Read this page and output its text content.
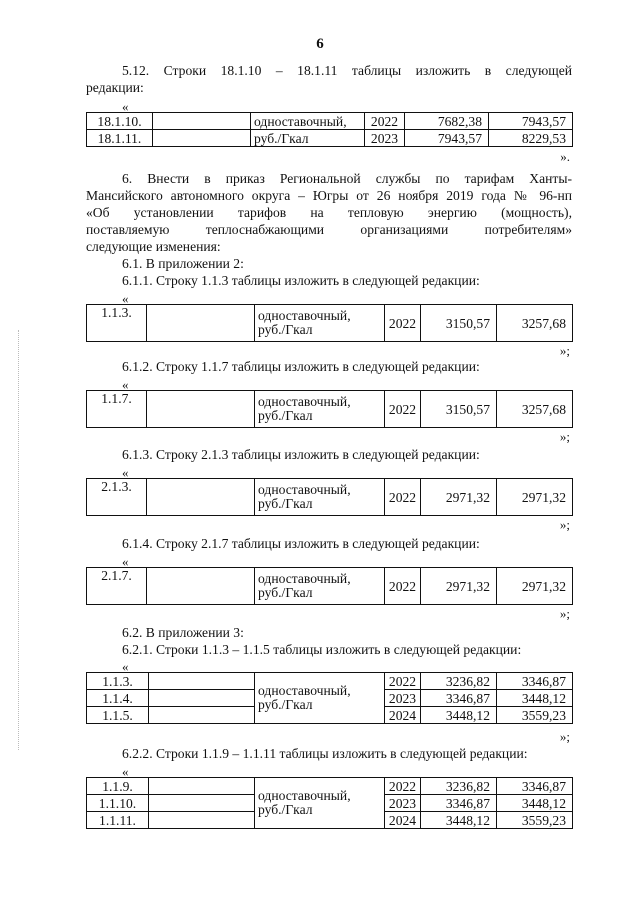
6
5.12. Строки 18.1.10 – 18.1.11 таблицы изложить в следующей
редакции:
«
18.1.10.		одноставочный,	2022	7682,38	7943,57
18.1.11.		руб./Гкал	2023	7943,57	8229,53
».
6. Внести в приказ Региональной службы по тарифам Ханты-
Мансийского автономного округа – Югры от 26 ноября 2019 года № 96-нп
«Об установлении тарифов на тепловую энергию (мощность),
поставляемую теплоснабжающими организациями потребителям»
следующие изменения:
6.1. В приложении 2:
6.1.1. Строку 1.1.3 таблицы изложить в следующей редакции:
«
1.1.3.		одноставочный, руб./Гкал	2022	3150,57	3257,68
»;
6.1.2. Строку 1.1.7 таблицы изложить в следующей редакции:
«
1.1.7.		одноставочный, руб./Гкал	2022	3150,57	3257,68
»;
6.1.3. Строку 2.1.3 таблицы изложить в следующей редакции:
«
2.1.3.		одноставочный, руб./Гкал	2022	2971,32	2971,32
»;
6.1.4. Строку 2.1.7 таблицы изложить в следующей редакции:
«
2.1.7.		одноставочный, руб./Гкал	2022	2971,32	2971,32
»;
6.2. В приложении 3:
6.2.1. Строки 1.1.3 – 1.1.5 таблицы изложить в следующей редакции:
«
1.1.3.		одноставочный, руб./Гкал	2022	3236,82	3346,87
1.1.4.			2023	3346,87	3448,12
1.1.5.			2024	3448,12	3559,23
»;
6.2.2. Строки 1.1.9 – 1.1.11 таблицы изложить в следующей редакции:
«
1.1.9.		одноставочный, руб./Гкал	2022	3236,82	3346,87
1.1.10.			2023	3346,87	3448,12
1.1.11.			2024	3448,12	3559,23
